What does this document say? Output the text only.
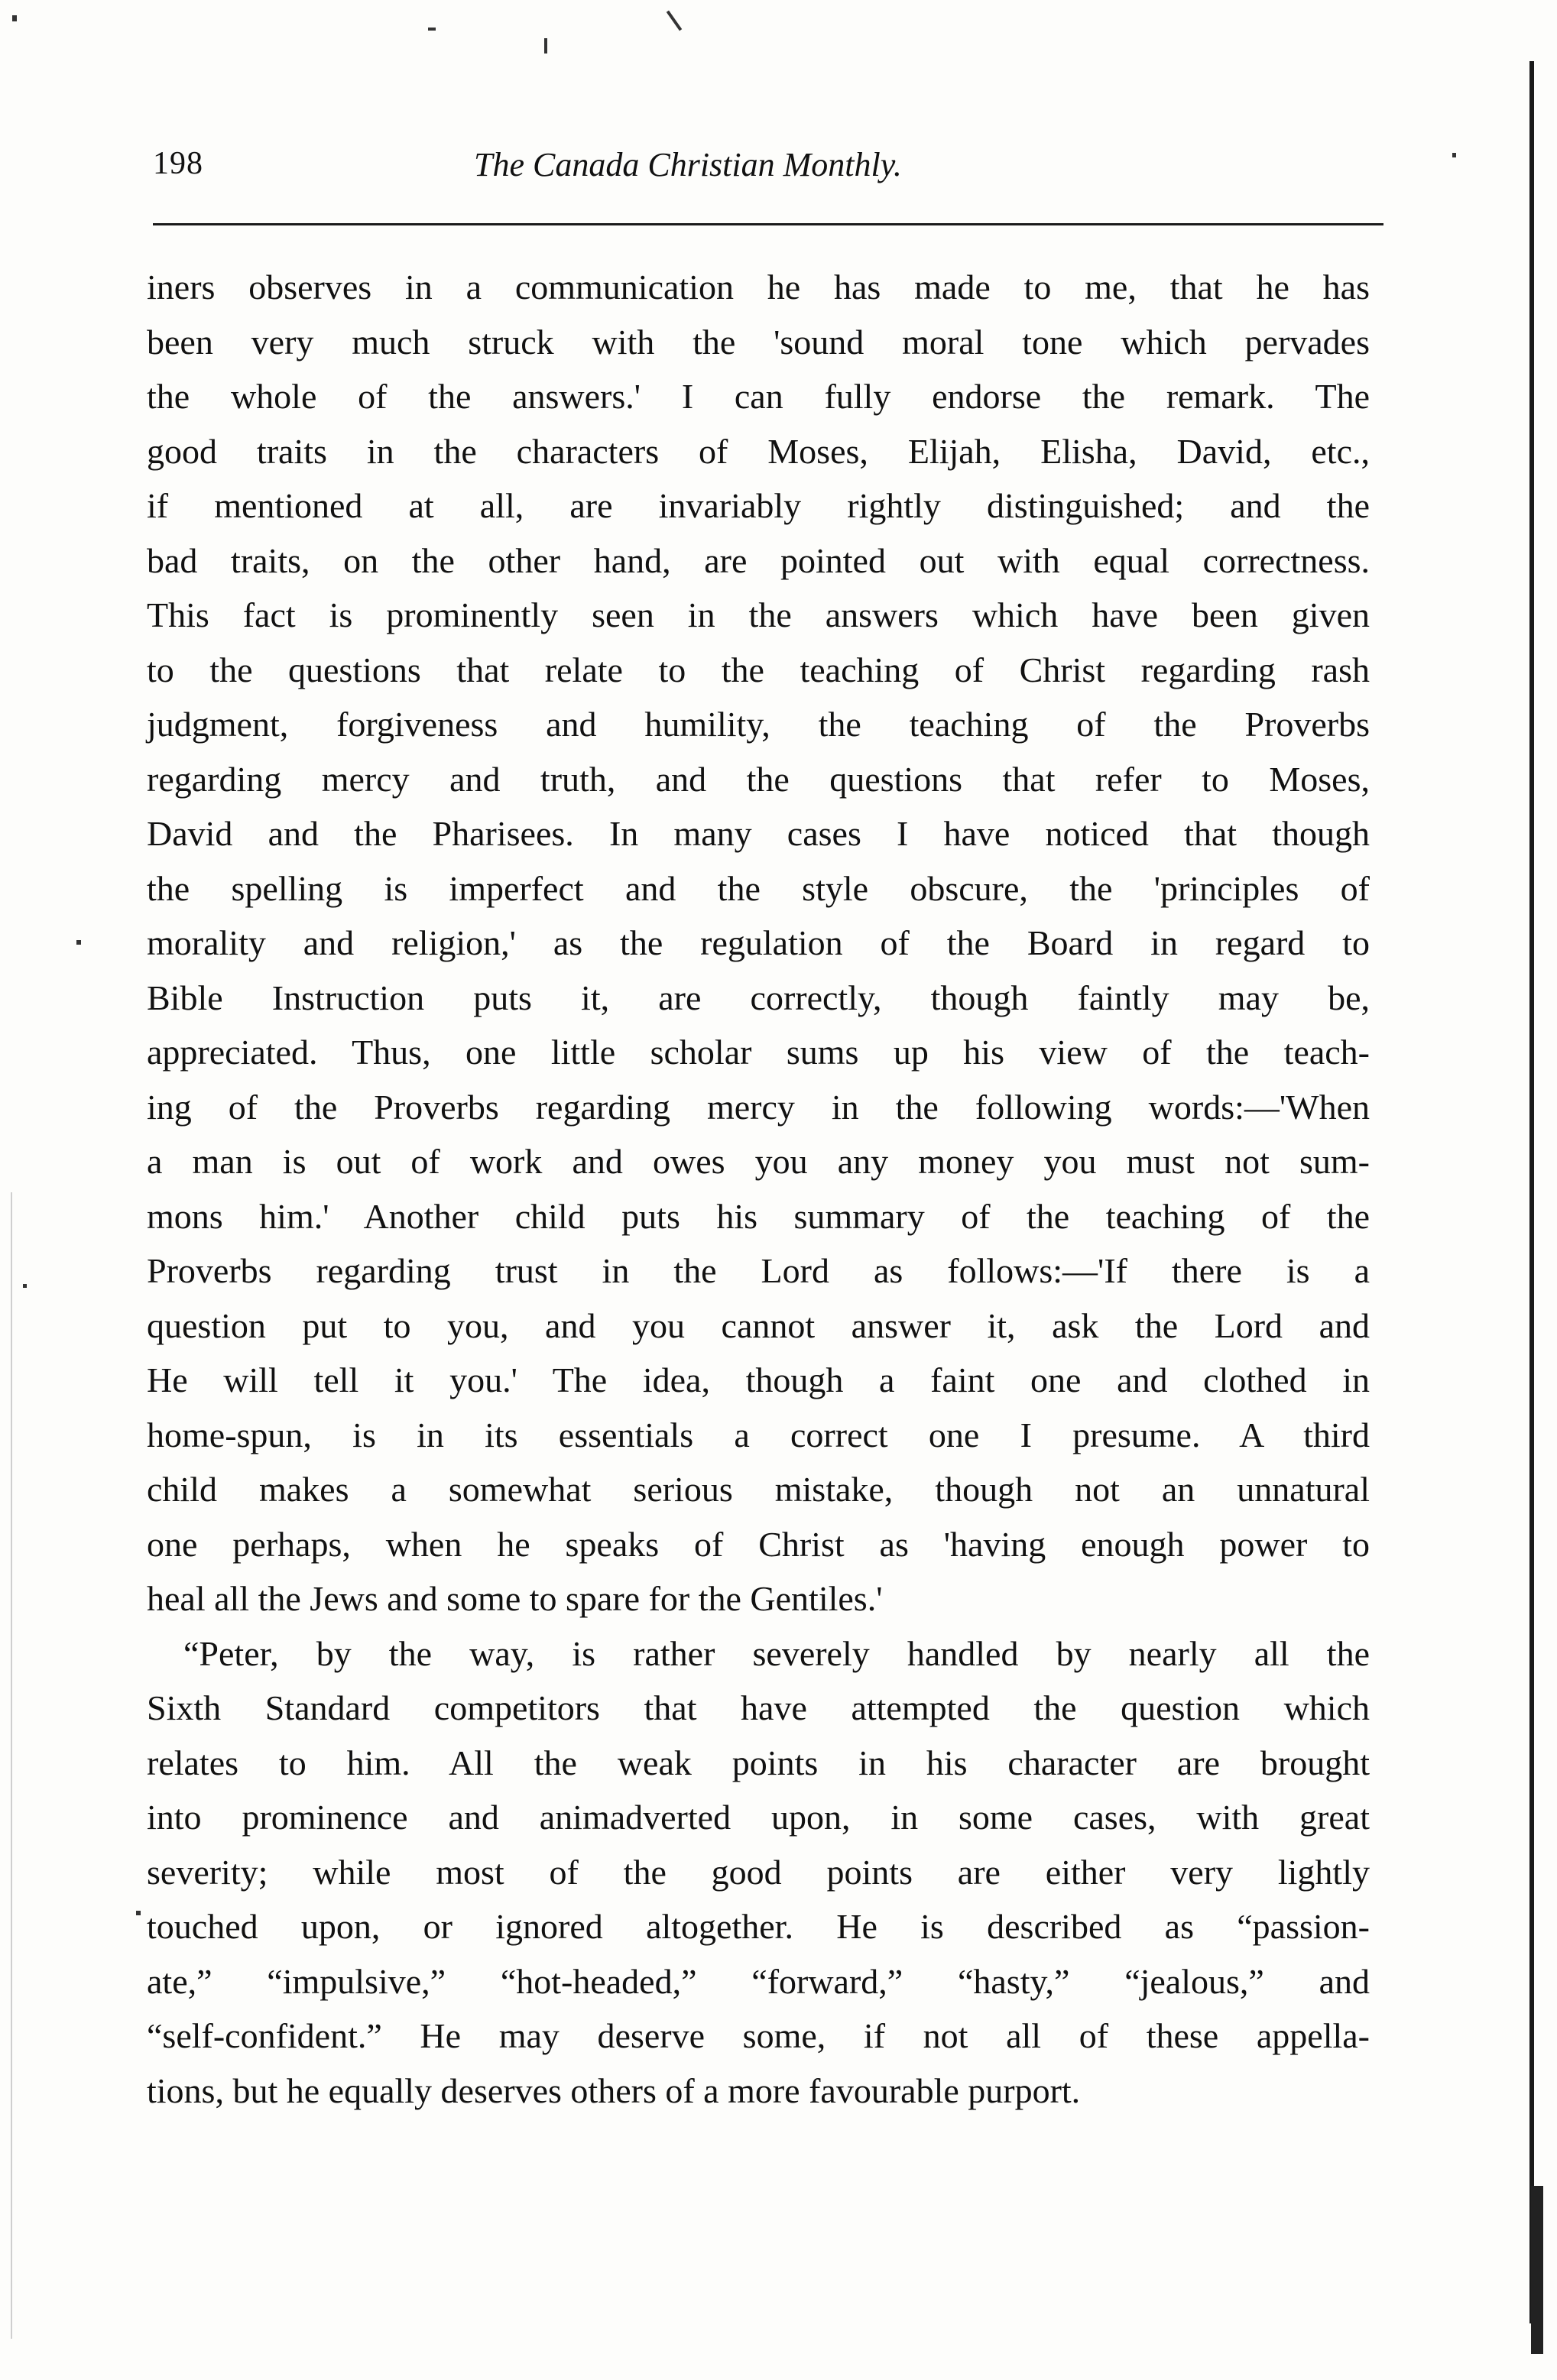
198	The Canada Christian Monthly.
iners observes in a communication he has made to me, that he has
been very much struck with the 'sound moral tone which pervades
the whole of the answers.' I can fully endorse the remark. The
good traits in the characters of Moses, Elijah, Elisha, David, etc.,
if mentioned at all, are invariably rightly distinguished; and the
bad traits, on the other hand, are pointed out with equal correctness.
This fact is prominently seen in the answers which have been given
to the questions that relate to the teaching of Christ regarding rash
judgment, forgiveness and humility, the teaching of the Proverbs
regarding mercy and truth, and the questions that refer to Moses,
David and the Pharisees. In many cases I have noticed that though
the spelling is imperfect and the style obscure, the 'principles of
morality and religion,' as the regulation of the Board in regard to
Bible Instruction puts it, are correctly, though faintly may be,
appreciated. Thus, one little scholar sums up his view of the teach-
ing of the Proverbs regarding mercy in the following words:—'When
a man is out of work and owes you any money you must not sum-
mons him.' Another child puts his summary of the teaching of the
Proverbs regarding trust in the Lord as follows:—'If there is a
question put to you, and you cannot answer it, ask the Lord and
He will tell it you.' The idea, though a faint one and clothed in
home-spun, is in its essentials a correct one I presume. A third
child makes a somewhat serious mistake, though not an unnatural
one perhaps, when he speaks of Christ as 'having enough power to
heal all the Jews and some to spare for the Gentiles.'
“Peter, by the way, is rather severely handled by nearly all the
Sixth Standard competitors that have attempted the question which
relates to him. All the weak points in his character are brought
into prominence and animadverted upon, in some cases, with great
severity; while most of the good points are either very lightly
touched upon, or ignored altogether. He is described as “passion-
ate,” “impulsive,” “hot-headed,” “forward,” “hasty,” “jealous,” and
“self-confident.” He may deserve some, if not all of these appella-
tions, but he equally deserves others of a more favourable purport.
